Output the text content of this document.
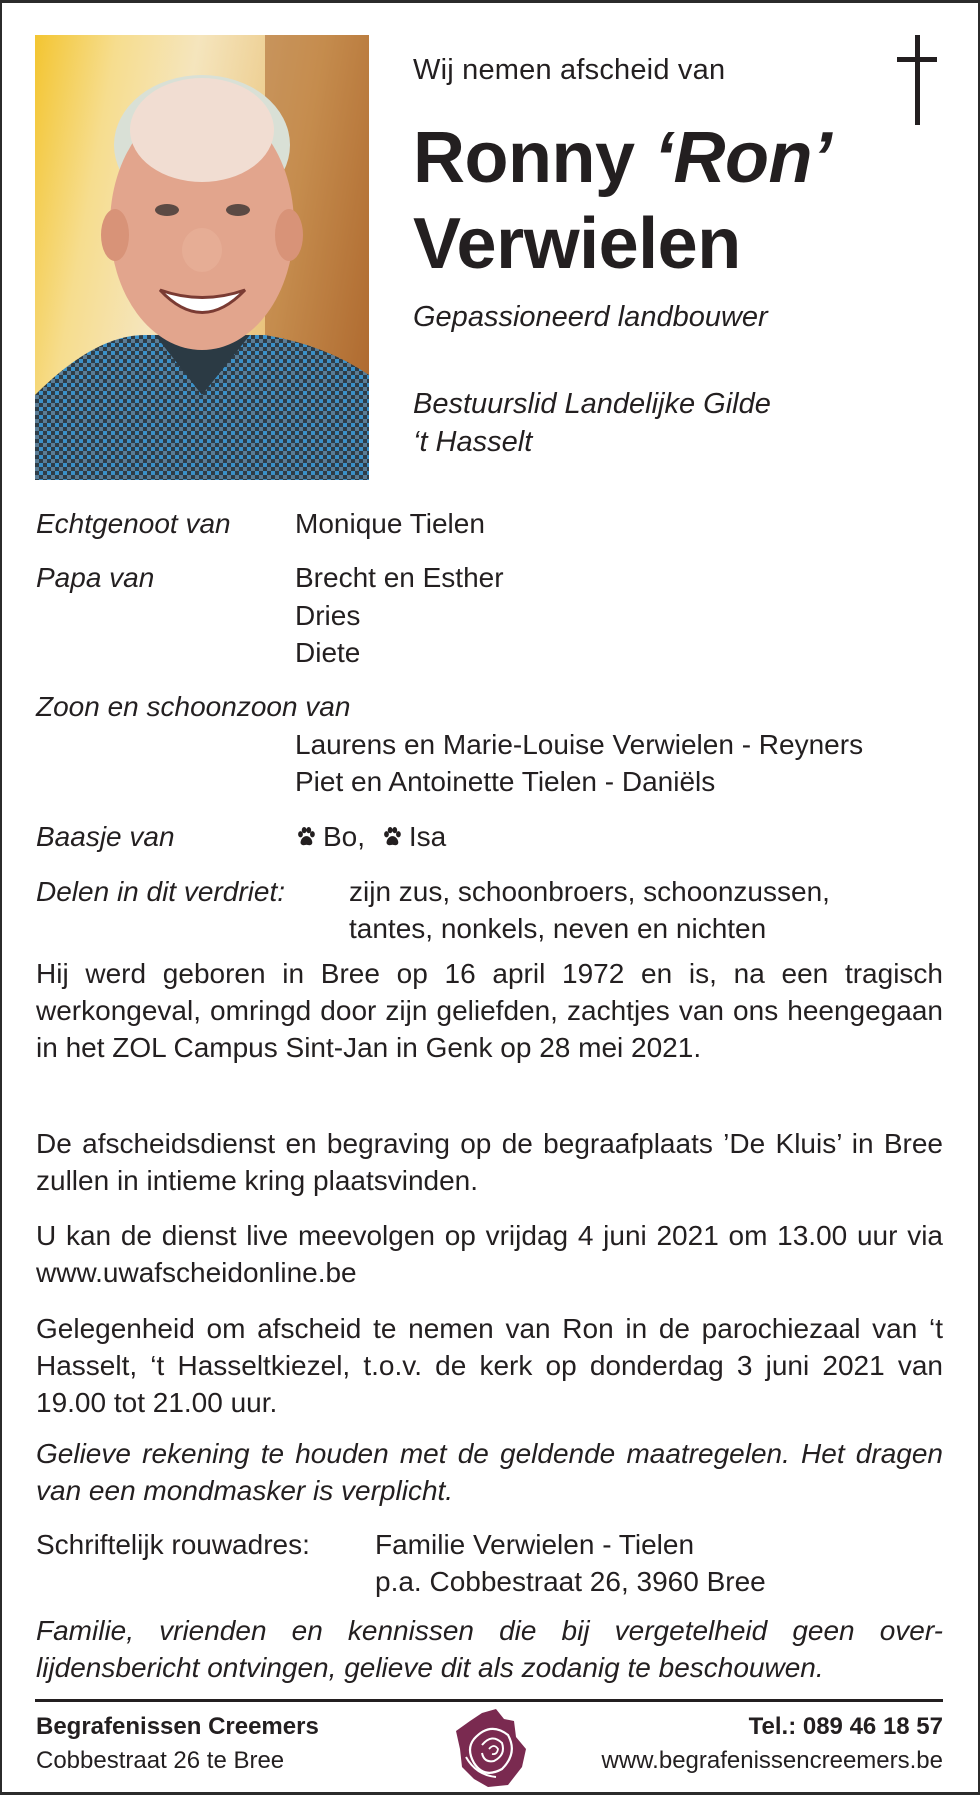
Wij nemen afscheid van
Ronny ‘Ron’
Verwielen
Gepassioneerd landbouwer
Bestuurslid Landelijke Gilde
‘t Hasselt
Echtgenoot van Monique Tielen
Papa van	Brecht en Esther
Dries
Diete
Zoon en schoonzoon van
Laurens en Marie-Louise Verwielen - Reyners
Piet en Antoinette Tielen - Daniëls
Baasje van	Bo, Isa
Delen in dit verdriet: zijn zus, schoonbroers, schoonzussen,
tantes, nonkels, neven en nichten
Hij werd geboren in Bree op 16 april 1972 en is, na een tragisch werkongeval, omringd door zijn geliefden, zachtjes van ons heengegaan in het ZOL Campus Sint-Jan in Genk op 28 mei 2021.
De afscheidsdienst en begraving op de begraafplaats ’De Kluis’ in Bree zullen in intieme kring plaatsvinden.
U kan de dienst live meevolgen op vrijdag 4 juni 2021 om 13.00 uur via www.uwafscheidonline.be
Gelegenheid om afscheid te nemen van Ron in de parochiezaal van ‘t Hasselt, ‘t Hasseltkiezel, t.o.v. de kerk op donderdag 3 juni 2021 van 19.00 tot 21.00 uur.
Gelieve rekening te houden met de geldende maatregelen. Het dragen van een mondmasker is verplicht.
Schriftelijk rouwadres: Familie Verwielen - Tielen
p.a. Cobbestraat 26, 3960 Bree
Familie, vrienden en kennissen die bij vergetelheid geen over-lijdensbericht ontvingen, gelieve dit als zodanig te beschouwen.
Begrafenissen Creemers
Cobbestraat 26 te Bree
Tel.: 089 46 18 57
www.begrafenissencreemers.be
